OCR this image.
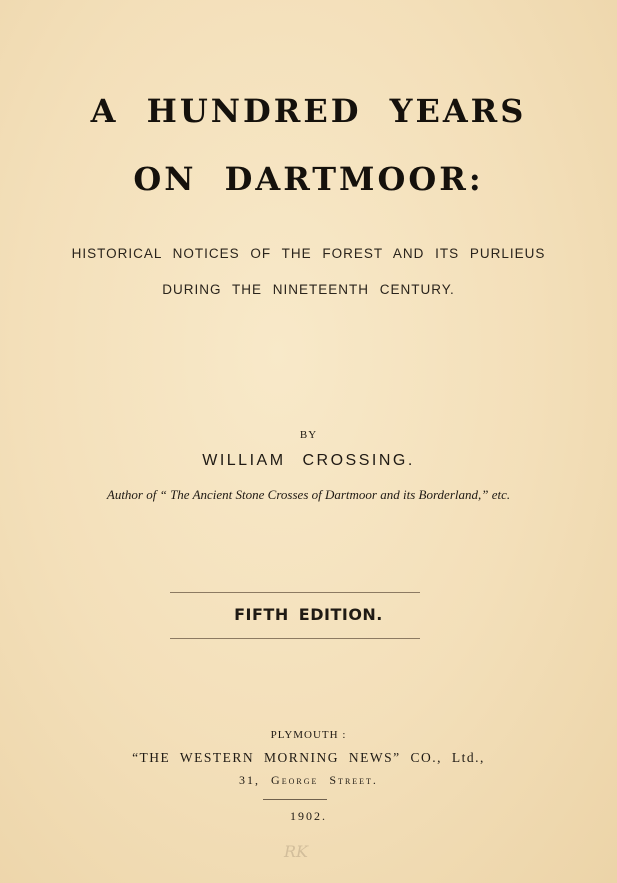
A HUNDRED YEARS
ON DARTMOOR:
HISTORICAL NOTICES OF THE FOREST AND ITS PURLIEUS
DURING THE NINETEENTH CENTURY.
BY
WILLIAM CROSSING.
Author of “ The Ancient Stone Crosses of Dartmoor and its Borderland,” etc.
FIFTH EDITION.
PLYMOUTH :
“THE WESTERN MORNING NEWS” CO., Ltd.,
31, George Street.
1902.
RK
